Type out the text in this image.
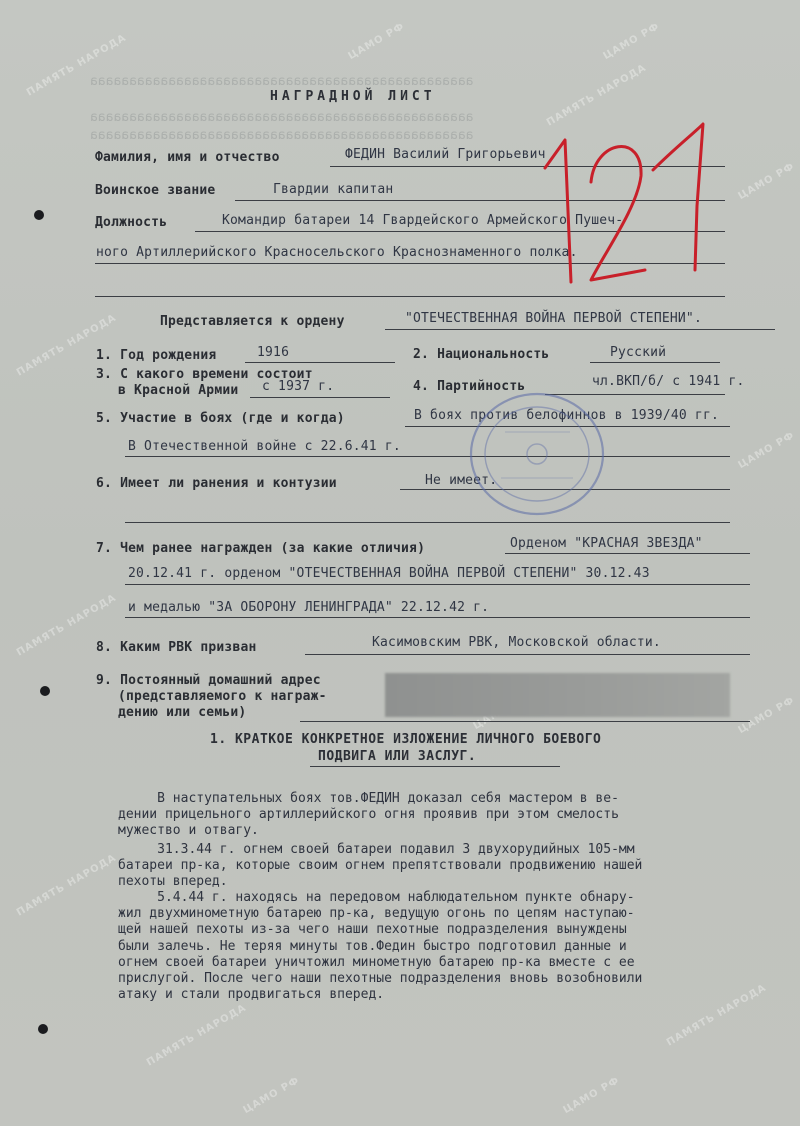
ааааааааааааааааааааааааааааааааааааааааааааааааа
ааааааааааааааааааааааааааааааааааааааааааааааааа
ааааааааааааааааааааааааааааааааааааааааааааааааа
ЦАМО РФ	ЦАМО РФ
ПАМЯТЬ НАРОДА	ПАМЯТЬ НАРОДА
ЦАМО РФ
ЦАМО РФ
ПАМЯТЬ НАРОДА
ПАМЯТЬ НАРОДА
ЦАМО РФ
ПАМЯТЬ НАРОДА
ПАМЯТЬ НАРОДА	ПАМЯТЬ НАРОДА
ЦАМО РФ	ЦАМО РФ
НАГРАДНОЙ ЛИСТ
Фамилия, имя и отчество	ФЕДИН Василий Григорьевич
Воинское звание	Гвардии капитан
Должность	Командир батареи 14 Гвардейского Армейского Пушеч-
ного Артиллерийского Красносельского Краснознаменного полка.
Представляется к ордену	"ОТЕЧЕСТВЕННАЯ ВОЙНА ПЕРВОЙ СТЕПЕНИ".
1. Год рождения	1916	2. Национальность	Русский
3. С какого времени состоит
в Красной Армии с 1937 г.	4. Партийность	чл.ВКП/б/ с 1941 г.
5. Участие в боях (где и когда)	В боях против белофиннов в 1939/40 гг.
В Отечественной войне с 22.6.41 г.
6. Имеет ли ранения и контузии	Не имеет.
7. Чем ранее награжден (за какие отличия)	Орденом "КРАСНАЯ ЗВЕЗДА"
20.12.41 г. орденом "ОТЕЧЕСТВЕННАЯ ВОЙНА ПЕРВОЙ СТЕПЕНИ" 30.12.43
и медалью "ЗА ОБОРОНУ ЛЕНИНГРАДА" 22.12.42 г.
8. Каким РВК призван	Касимовским РВК, Московской области.
9. Постоянный домашний адрес
(представляемого к награж-
дению или семьи)
1. КРАТКОЕ КОНКРЕТНОЕ ИЗЛОЖЕНИЕ ЛИЧНОГО БОЕВОГО
ПОДВИГА ИЛИ ЗАСЛУГ.
В наступательных боях тов.ФЕДИН доказал себя мастером в ве-
дении прицельного артиллерийского огня проявив при этом смелость
мужество и отвагу.
31.3.44 г. огнем своей батареи подавил 3 двухорудийных 105-мм
батареи пр-ка, которые своим огнем препятствовали продвижению нашей
пехоты вперед.
5.4.44 г. находясь на передовом наблюдательном пункте обнару-
жил двухминометную батарею пр-ка, ведущую огонь по цепям наступаю-
щей нашей пехоты из-за чего наши пехотные подразделения вынуждены
были залечь. Не теряя минуты тов.Федин быстро подготовил данные и
огнем своей батареи уничтожил минометную батарею пр-ка вместе с ее
прислугой. После чего наши пехотные подразделения вновь возобновили
атаку и стали продвигаться вперед.
